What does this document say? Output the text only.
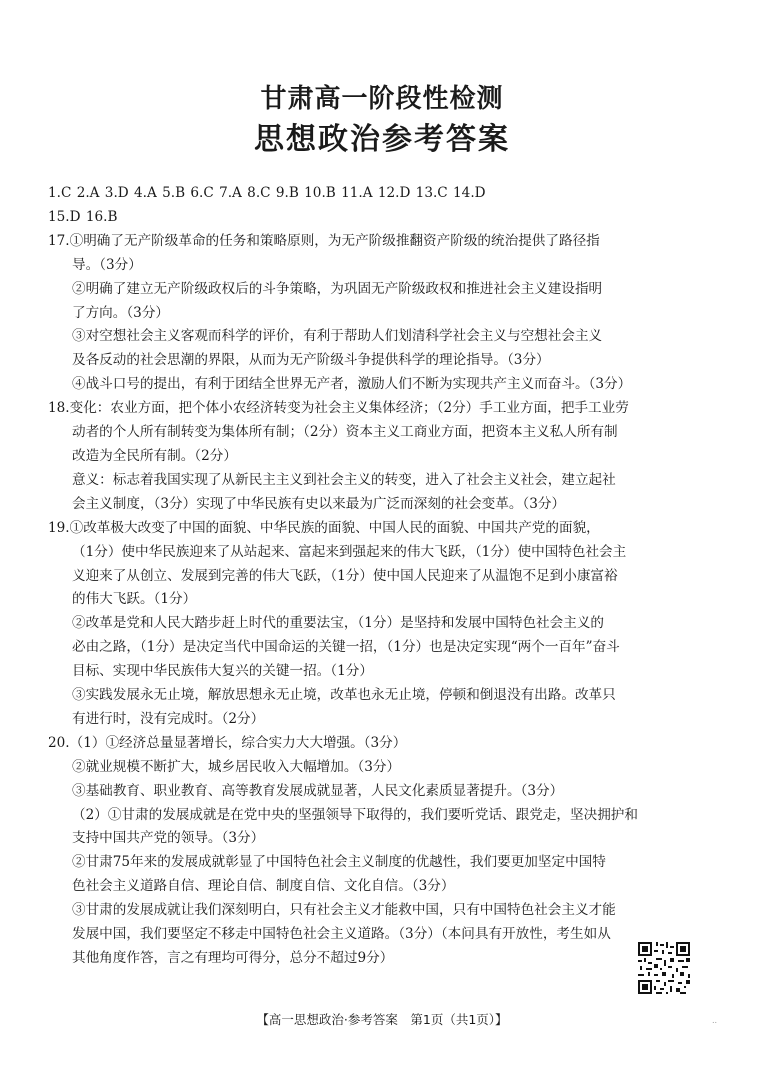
甘肃高一阶段性检测
思想政治参考答案
1.C 2.A 3.D 4.A 5.B 6.C 7.A 8.C 9.B 10.B 11.A 12.D 13.C 14.D
15.D 16.B
17.①明确了无产阶级革命的任务和策略原则，为无产阶级推翻资产阶级的统治提供了路径指
导。（3分）
②明确了建立无产阶级政权后的斗争策略，为巩固无产阶级政权和推进社会主义建设指明
了方向。（3分）
③对空想社会主义客观而科学的评价，有利于帮助人们划清科学社会主义与空想社会主义
及各反动的社会思潮的界限，从而为无产阶级斗争提供科学的理论指导。（3分）
④战斗口号的提出，有利于团结全世界无产者，激励人们不断为实现共产主义而奋斗。（3分）
18.变化：农业方面，把个体小农经济转变为社会主义集体经济；（2分）手工业方面，把手工业劳
动者的个人所有制转变为集体所有制；（2分）资本主义工商业方面，把资本主义私人所有制
改造为全民所有制。（2分）
意义：标志着我国实现了从新民主主义到社会主义的转变，进入了社会主义社会，建立起社
会主义制度，（3分）实现了中华民族有史以来最为广泛而深刻的社会变革。（3分）
19.①改革极大改变了中国的面貌、中华民族的面貌、中国人民的面貌、中国共产党的面貌，
（1分）使中华民族迎来了从站起来、富起来到强起来的伟大飞跃，（1分）使中国特色社会主
义迎来了从创立、发展到完善的伟大飞跃，（1分）使中国人民迎来了从温饱不足到小康富裕
的伟大飞跃。（1分）
②改革是党和人民大踏步赶上时代的重要法宝，（1分）是坚持和发展中国特色社会主义的
必由之路，（1分）是决定当代中国命运的关键一招，（1分）也是决定实现“两个一百年”奋斗
目标、实现中华民族伟大复兴的关键一招。（1分）
③实践发展永无止境，解放思想永无止境，改革也永无止境，停顿和倒退没有出路。改革只
有进行时，没有完成时。（2分）
20.（1）①经济总量显著增长，综合实力大大增强。（3分）
②就业规模不断扩大，城乡居民收入大幅增加。（3分）
③基础教育、职业教育、高等教育发展成就显著，人民文化素质显著提升。（3分）
（2）①甘肃的发展成就是在党中央的坚强领导下取得的，我们要听党话、跟党走，坚决拥护和
支持中国共产党的领导。（3分）
②甘肃75年来的发展成就彰显了中国特色社会主义制度的优越性，我们要更加坚定中国特
色社会主义道路自信、理论自信、制度自信、文化自信。（3分）
③甘肃的发展成就让我们深刻明白，只有社会主义才能救中国，只有中国特色社会主义才能
发展中国，我们要坚定不移走中国特色社会主义道路。（3分）（本问具有开放性，考生如从
其他角度作答，言之有理均可得分，总分不超过9分）
【高一思想政治·参考答案　第1页（共1页）】	..
